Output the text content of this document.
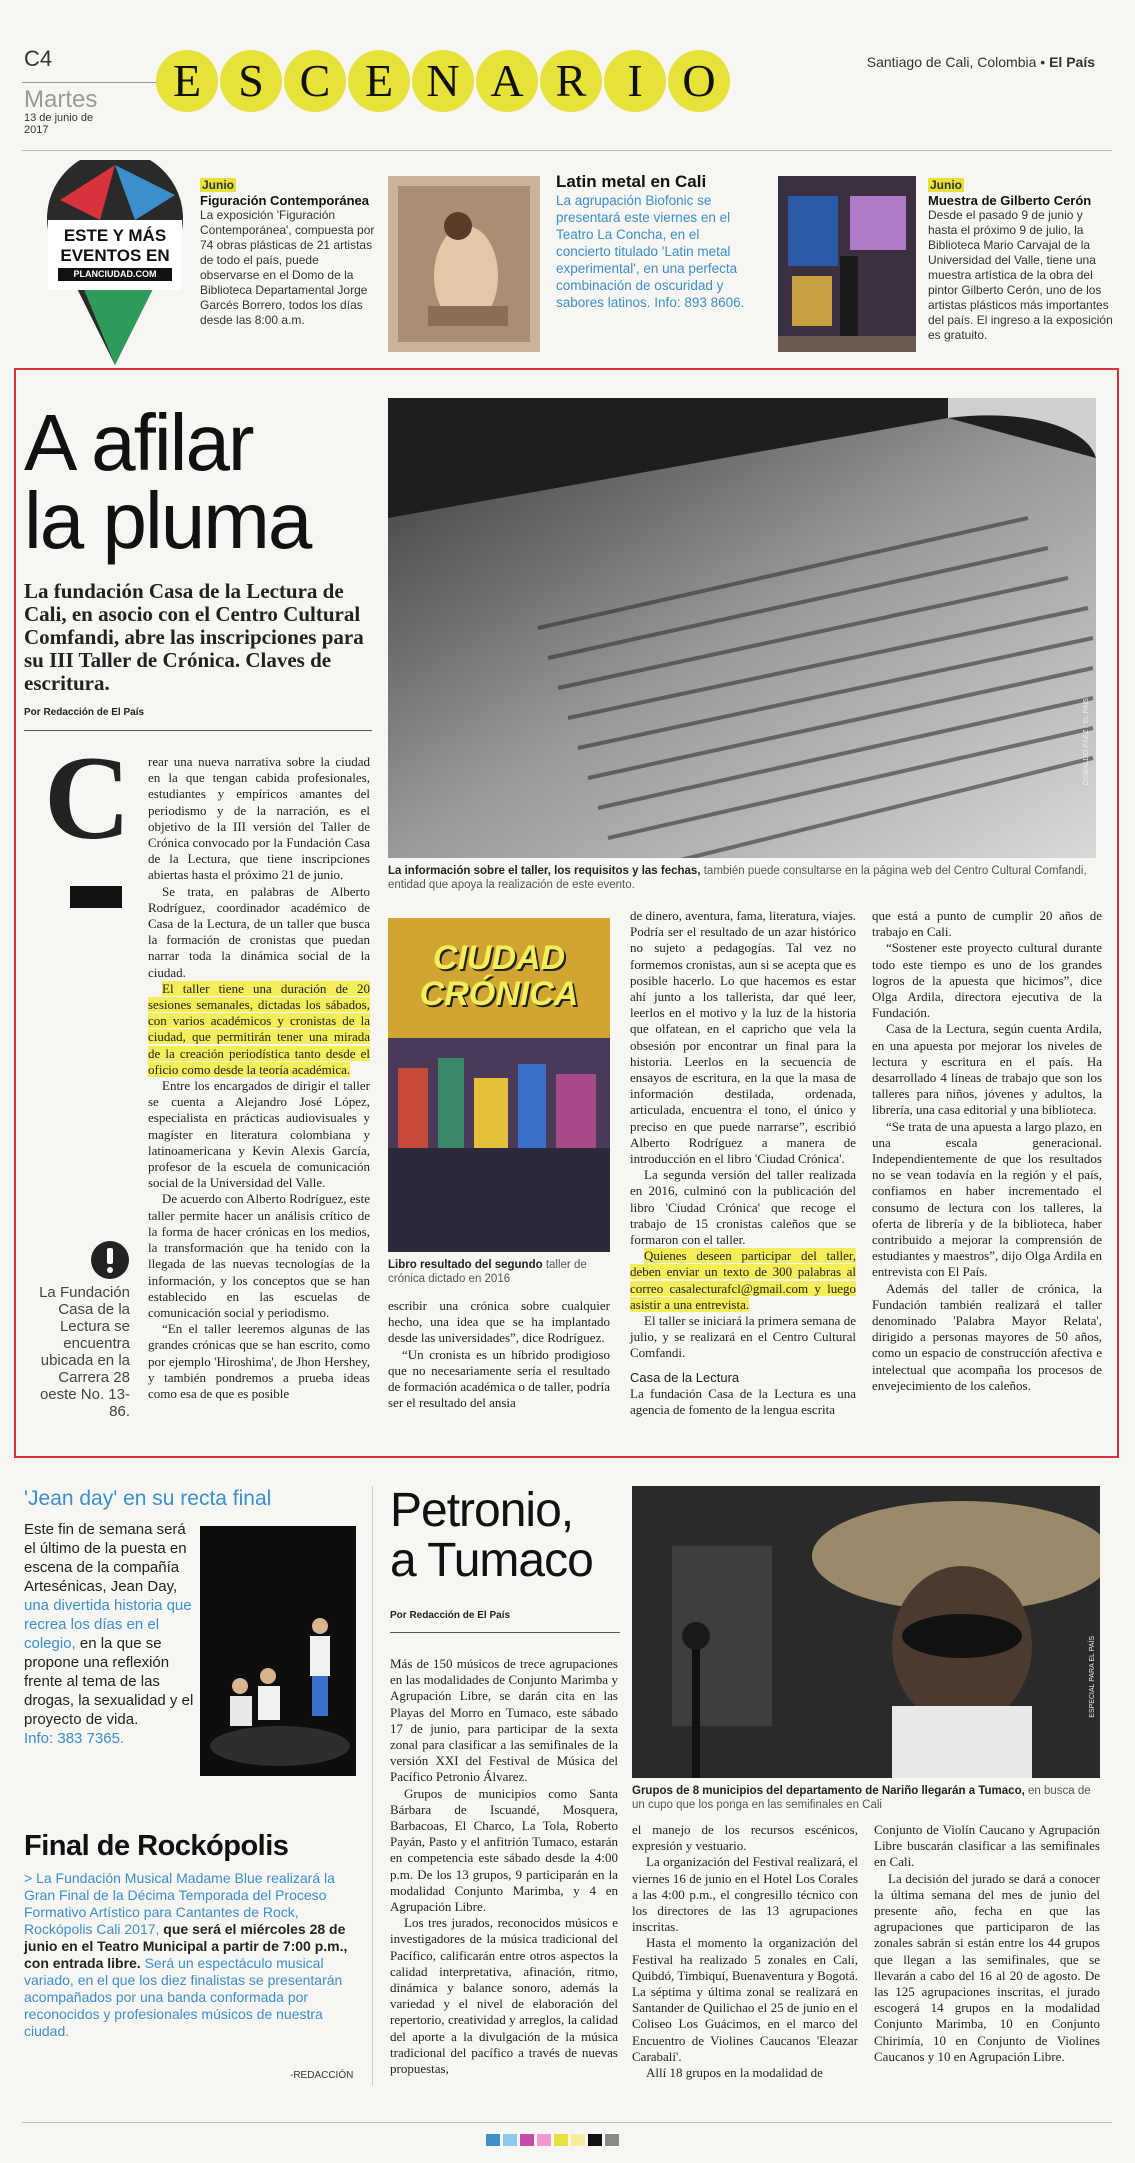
C4
Martes
13 de junio de 2017
E S C E N A R I O	Santiago de Cali, Colombia • El País
ESTE Y MÁS
EVENTOS EN
PLANCIUDAD.COM
Junio
Figuración Contemporánea
La exposición 'Figuración Contemporánea', compuesta por 74 obras plásticas de 21 artistas de todo el país, puede observarse en el Domo de la Biblioteca Departamental Jorge Garcés Borrero, todos los días desde las 8:00 a.m.
Latin metal en Cali
La agrupación Biofonic se presentará este viernes en el Teatro La Concha, en el concierto titulado 'Latin metal experimental', en una perfecta combinación de oscuridad y sabores latinos. Info: 893 8606.
Junio
Muestra de Gilberto Cerón
Desde el pasado 9 de junio y hasta el próximo 9 de julio, la Biblioteca Mario Carvajal de la Universidad del Valle, tiene una muestra artística de la obra del pintor Gilberto Cerón, uno de los artistas plásticos más importantes del país. El ingreso a la exposición es gratuito.
A afilar
la pluma
La fundación Casa de la Lectura de Cali, en asocio con el Centro Cultural Comfandi, abre las inscripciones para su III Taller de Crónica. Claves de escritura.
Por Redacción de El País
C rear una nueva narrativa sobre la ciudad en la que tengan cabida profesionales, estudiantes y empíricos amantes del periodismo y de la narración, es el objetivo de la III versión del Taller de Crónica convocado por la Fundación Casa de la Lectura, que tiene inscripciones abiertas hasta el próximo 21 de junio.

Se trata, en palabras de Alberto Rodríguez, coordinador académico de Casa de la Lectura, de un taller que busca la formación de cronistas que puedan narrar toda la dinámica social de la ciudad.

El taller tiene una duración de 20 sesiones semanales, dictadas los sábados, con varios académicos y cronistas de la ciudad, que permitirán tener una mirada de la creación periodística tanto desde el oficio como desde la teoría académica.

Entre los encargados de dirigir el taller se cuenta a Alejandro José López, especialista en prácticas audiovisuales y magíster en literatura colombiana y latinoamericana y Kevin Alexis García, profesor de la escuela de comunicación social de la Universidad del Valle.

De acuerdo con Alberto Rodríguez, este taller permite hacer un análisis crítico de la forma de hacer crónicas en los medios, la transformación que ha tenido con la llegada de las nuevas tecnologías de la información, y los conceptos que se han establecido en las escuelas de comunicación social y periodismo.

“En el taller leeremos algunas de las grandes crónicas que se han escrito, como por ejemplo 'Hiroshima', de Jhon Hershey, y también pondremos a prueba ideas como esa de que es posible

La Fundación Casa de la Lectura se encuentra ubicada en la Carrera 28 oeste No. 13-86.
OSWALDO PÁEZ / EL PAÍS
La información sobre el taller, los requisitos y las fechas, también puede consultarse en la página web del Centro Cultural Comfandi, entidad que apoya la realización de este evento.
CIUDAD CRÓNICA
Libro resultado del segundo taller de crónica dictado en 2016

escribir una crónica sobre cualquier hecho, una idea que se ha implantado desde las universidades”, dice Rodríguez.

“Un cronista es un híbrido prodigioso que no necesariamente sería el resultado de formación académica o de taller, podría ser el resultado del ansia

de dinero, aventura, fama, literatura, viajes. Podría ser el resultado de un azar histórico no sujeto a pedagogías. Tal vez no formemos cronistas, aun si se acepta que es posible hacerlo. Lo que hacemos es estar ahí junto a los tallerista, dar qué leer, leerlos en el motivo y la luz de la historia que olfatean, en el capricho que vela la obsesión por encontrar un final para la historia. Leerlos en la secuencia de ensayos de escritura, en la que la masa de información destilada, ordenada, articulada, encuentra el tono, el único y preciso en que puede narrarse”, escribió Alberto Rodríguez a manera de introducción en el libro 'Ciudad Crónica'.

La segunda versión del taller realizada en 2016, culminó con la publicación del libro 'Ciudad Crónica' que recoge el trabajo de 15 cronistas caleños que se formaron con el taller.

Quienes deseen participar del taller, deben enviar un texto de 300 palabras al correo casalecturafcl@gmail.com y luego asistir a una entrevista.

El taller se iniciará la primera semana de julio, y se realizará en el Centro Cultural Comfandi.

Casa de la Lectura

La fundación Casa de la Lectura es una agencia de fomento de la lengua escrita

que está a punto de cumplir 20 años de trabajo en Cali.

“Sostener este proyecto cultural durante todo este tiempo es uno de los grandes logros de la apuesta que hicimos”, dice Olga Ardila, directora ejecutiva de la Fundación.

Casa de la Lectura, según cuenta Ardila, en una apuesta por mejorar los niveles de lectura y escritura en el país. Ha desarrollado 4 líneas de trabajo que son los talleres para niños, jóvenes y adultos, la librería, una casa editorial y una biblioteca.

“Se trata de una apuesta a largo plazo, en una escala generacional. Independientemente de que los resultados no se vean todavía en la región y el país, confiamos en haber incrementado el consumo de lectura con los talleres, la oferta de librería y de la biblioteca, haber contribuido a mejorar la comprensión de estudiantes y maestros”, dijo Olga Ardila en entrevista con El País.

Además del taller de crónica, la Fundación también realizará el taller denominado 'Palabra Mayor Relata', dirigido a personas mayores de 50 años, como un espacio de construcción afectiva e intelectual que acompaña los procesos de envejecimiento de los caleños.

'Jean day' en su recta final
Este fin de semana será el último de la puesta en escena de la compañía Artesénicas, Jean Day, una divertida historia que recrea los días en el colegio, en la que se propone una reflexión frente al tema de las drogas, la sexualidad y el proyecto de vida.
Info: 383 7365.
Final de Rockópolis
> La Fundación Musical Madame Blue realizará la Gran Final de la Décima Temporada del Proceso Formativo Artístico para Cantantes de Rock, Rockópolis Cali 2017, que será el miércoles 28 de junio en el Teatro Municipal a partir de 7:00 p.m., con entrada libre. Será un espectáculo musical variado, en el que los diez finalistas se presentarán acompañados por una banda conformada por reconocidos y profesionales músicos de nuestra ciudad.
-REDACCIÓN
Petronio,
a Tumaco
Por Redacción de El País

Más de 150 músicos de trece agrupaciones en las modalidades de Conjunto Marimba y Agrupación Libre, se darán cita en las Playas del Morro en Tumaco, este sábado 17 de junio, para participar de la sexta zonal para clasificar a las semifinales de la versión XXI del Festival de Música del Pacífico Petronio Álvarez.

Grupos de municipios como Santa Bárbara de Iscuandé, Mosquera, Barbacoas, El Charco, La Tola, Roberto Payán, Pasto y el anfitrión Tumaco, estarán en competencia este sábado desde la 4:00 p.m. De los 13 grupos, 9 participarán en la modalidad Conjunto Marimba, y 4 en Agrupación Libre.

Los tres jurados, reconocidos músicos e investigadores de la música tradicional del Pacífico, calificarán entre otros aspectos la calidad interpretativa, afinación, ritmo, dinámica y balance sonoro, además la variedad y el nivel de elaboración del repertorio, creatividad y arreglos, la calidad del aporte a la divulgación de la música tradicional del pacífico a través de nuevas propuestas,

ESPECIAL PARA EL PAÍS
Grupos de 8 municipios del departamento de Nariño llegarán a Tumaco, en busca de un cupo que los ponga en las semifinales en Cali

el manejo de los recursos escénicos, expresión y vestuario.

La organización del Festival realizará, el viernes 16 de junio en el Hotel Los Corales a las 4:00 p.m., el congresillo técnico con los directores de las 13 agrupaciones inscritas.

Hasta el momento la organización del Festival ha realizado 5 zonales en Cali, Quibdó, Timbiquí, Buenaventura y Bogotá. La séptima y última zonal se realizará en Santander de Quilichao el 25 de junio en el Coliseo Los Guácimos, en el marco del Encuentro de Violines Caucanos 'Eleazar Carabalí'.

Allí 18 grupos en la modalidad de

Conjunto de Violín Caucano y Agrupación Libre buscarán clasificar a las semifinales en Cali.

La decisión del jurado se dará a conocer la última semana del mes de junio del presente año, fecha en que las agrupaciones que participaron de las zonales sabrán si están entre los 44 grupos que llegan a las semifinales, que se llevarán a cabo del 16 al 20 de agosto. De las 125 agrupaciones inscritas, el jurado escogerá 14 grupos en la modalidad Conjunto Marimba, 10 en Conjunto Chirimía, 10 en Conjunto de Violines Caucanos y 10 en Agrupación Libre.
